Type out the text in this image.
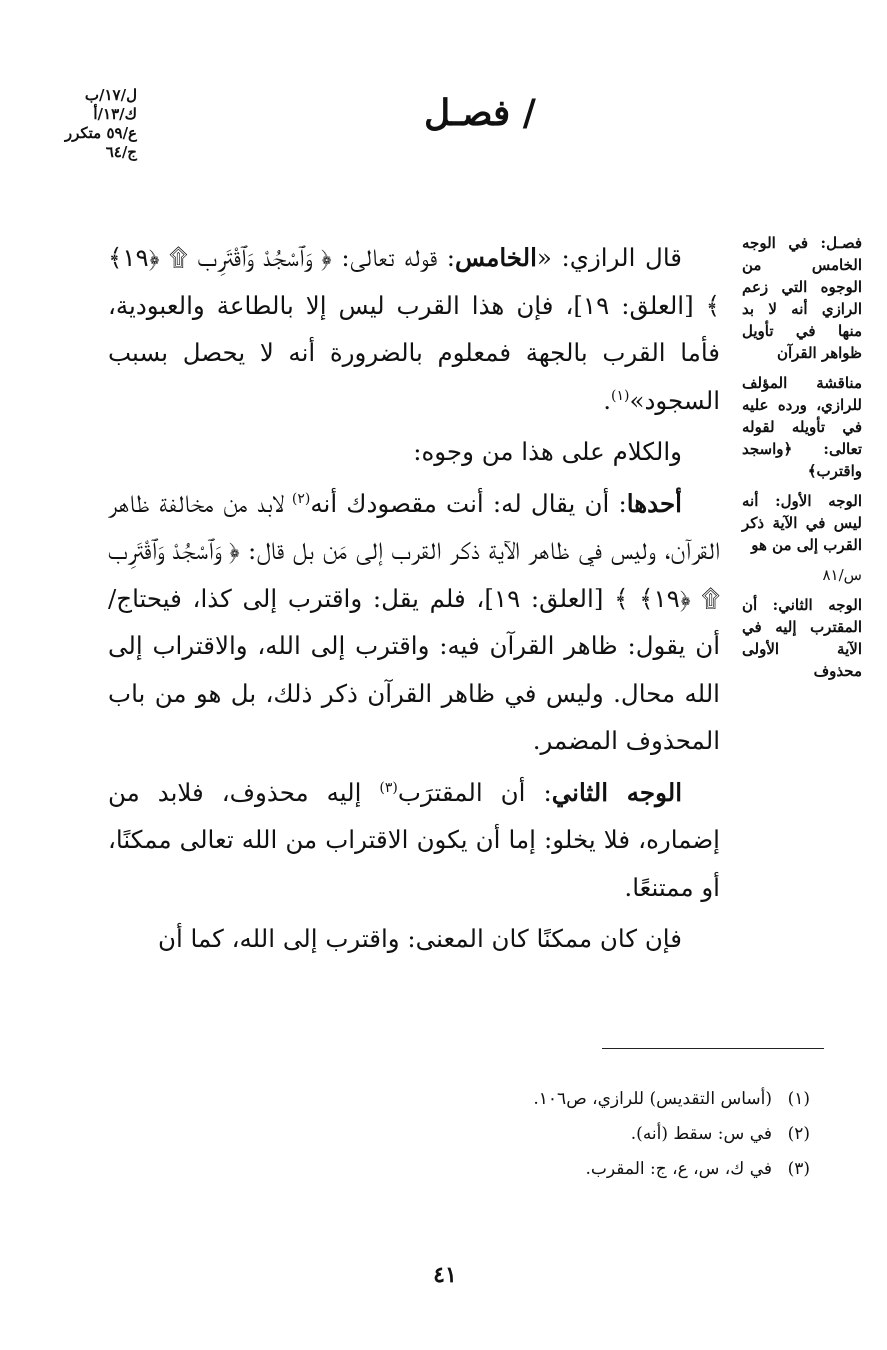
ل/١٧/ب
ك/١٣/أ
ع/٥٩ متكرر
ج/٦٤
/ فصـل
فصـل: في الوجه الخامس من الوجوه التي زعم الرازي أنه لا بد منها في تأويل ظواهر القرآن
مناقشة المؤلف للرازي، ورده عليه في تأويله لقوله تعالى: ﴿واسجد واقترب﴾
الوجه الأول: أنه ليس في الآية ذكر القرب إلى من هو
س/٨١
الوجه الثاني: أن المقترب إليه في الآية الأولى محذوف

قال الرازي: «الخامس: قوله تعالى: ﴿ وَٱسْجُدْ وَٱقْتَرِب ۩ ﴿١٩﴾ ﴾ [العلق: ١٩]، فإن هذا القرب ليس إلا بالطاعة والعبودية، فأما القرب بالجهة فمعلوم بالضرورة أنه لا يحصل بسبب السجود»$^{(١)}$.

والكلام على هذا من وجوه:

أحدها: أن يقال له: أنت مقصودك أنه$^{(٢)}$ لابد من مخالفة ظاهر القرآن، وليس في ظاهر الآية ذكر القرب إلى مَن بل قال: ﴿ وَٱسْجُدْ وَٱقْتَرِب ۩ ﴿١٩﴾ ﴾ [العلق: ١٩]، فلم يقل: واقترب إلى كذا، فيحتاج/ أن يقول: ظاهر القرآن فيه: واقترب إلى الله، والاقتراب إلى الله محال. وليس في ظاهر القرآن ذكر ذلك، بل هو من باب المحذوف المضمر.

الوجه الثاني: أن المقترَب$^{(٣)}$ إليه محذوف، فلابد من إضماره، فلا يخلو: إما أن يكون الاقتراب من الله تعالى ممكنًا، أو ممتنعًا.

فإن كان ممكنًا كان المعنى: واقترب إلى الله، كما أن

(١)
(أساس التقديس) للرازي، ص١٠٦.
(٢)
في س: سقط (أنه).
(٣)
في ك، س، ع، ج: المقرب.
٤١
